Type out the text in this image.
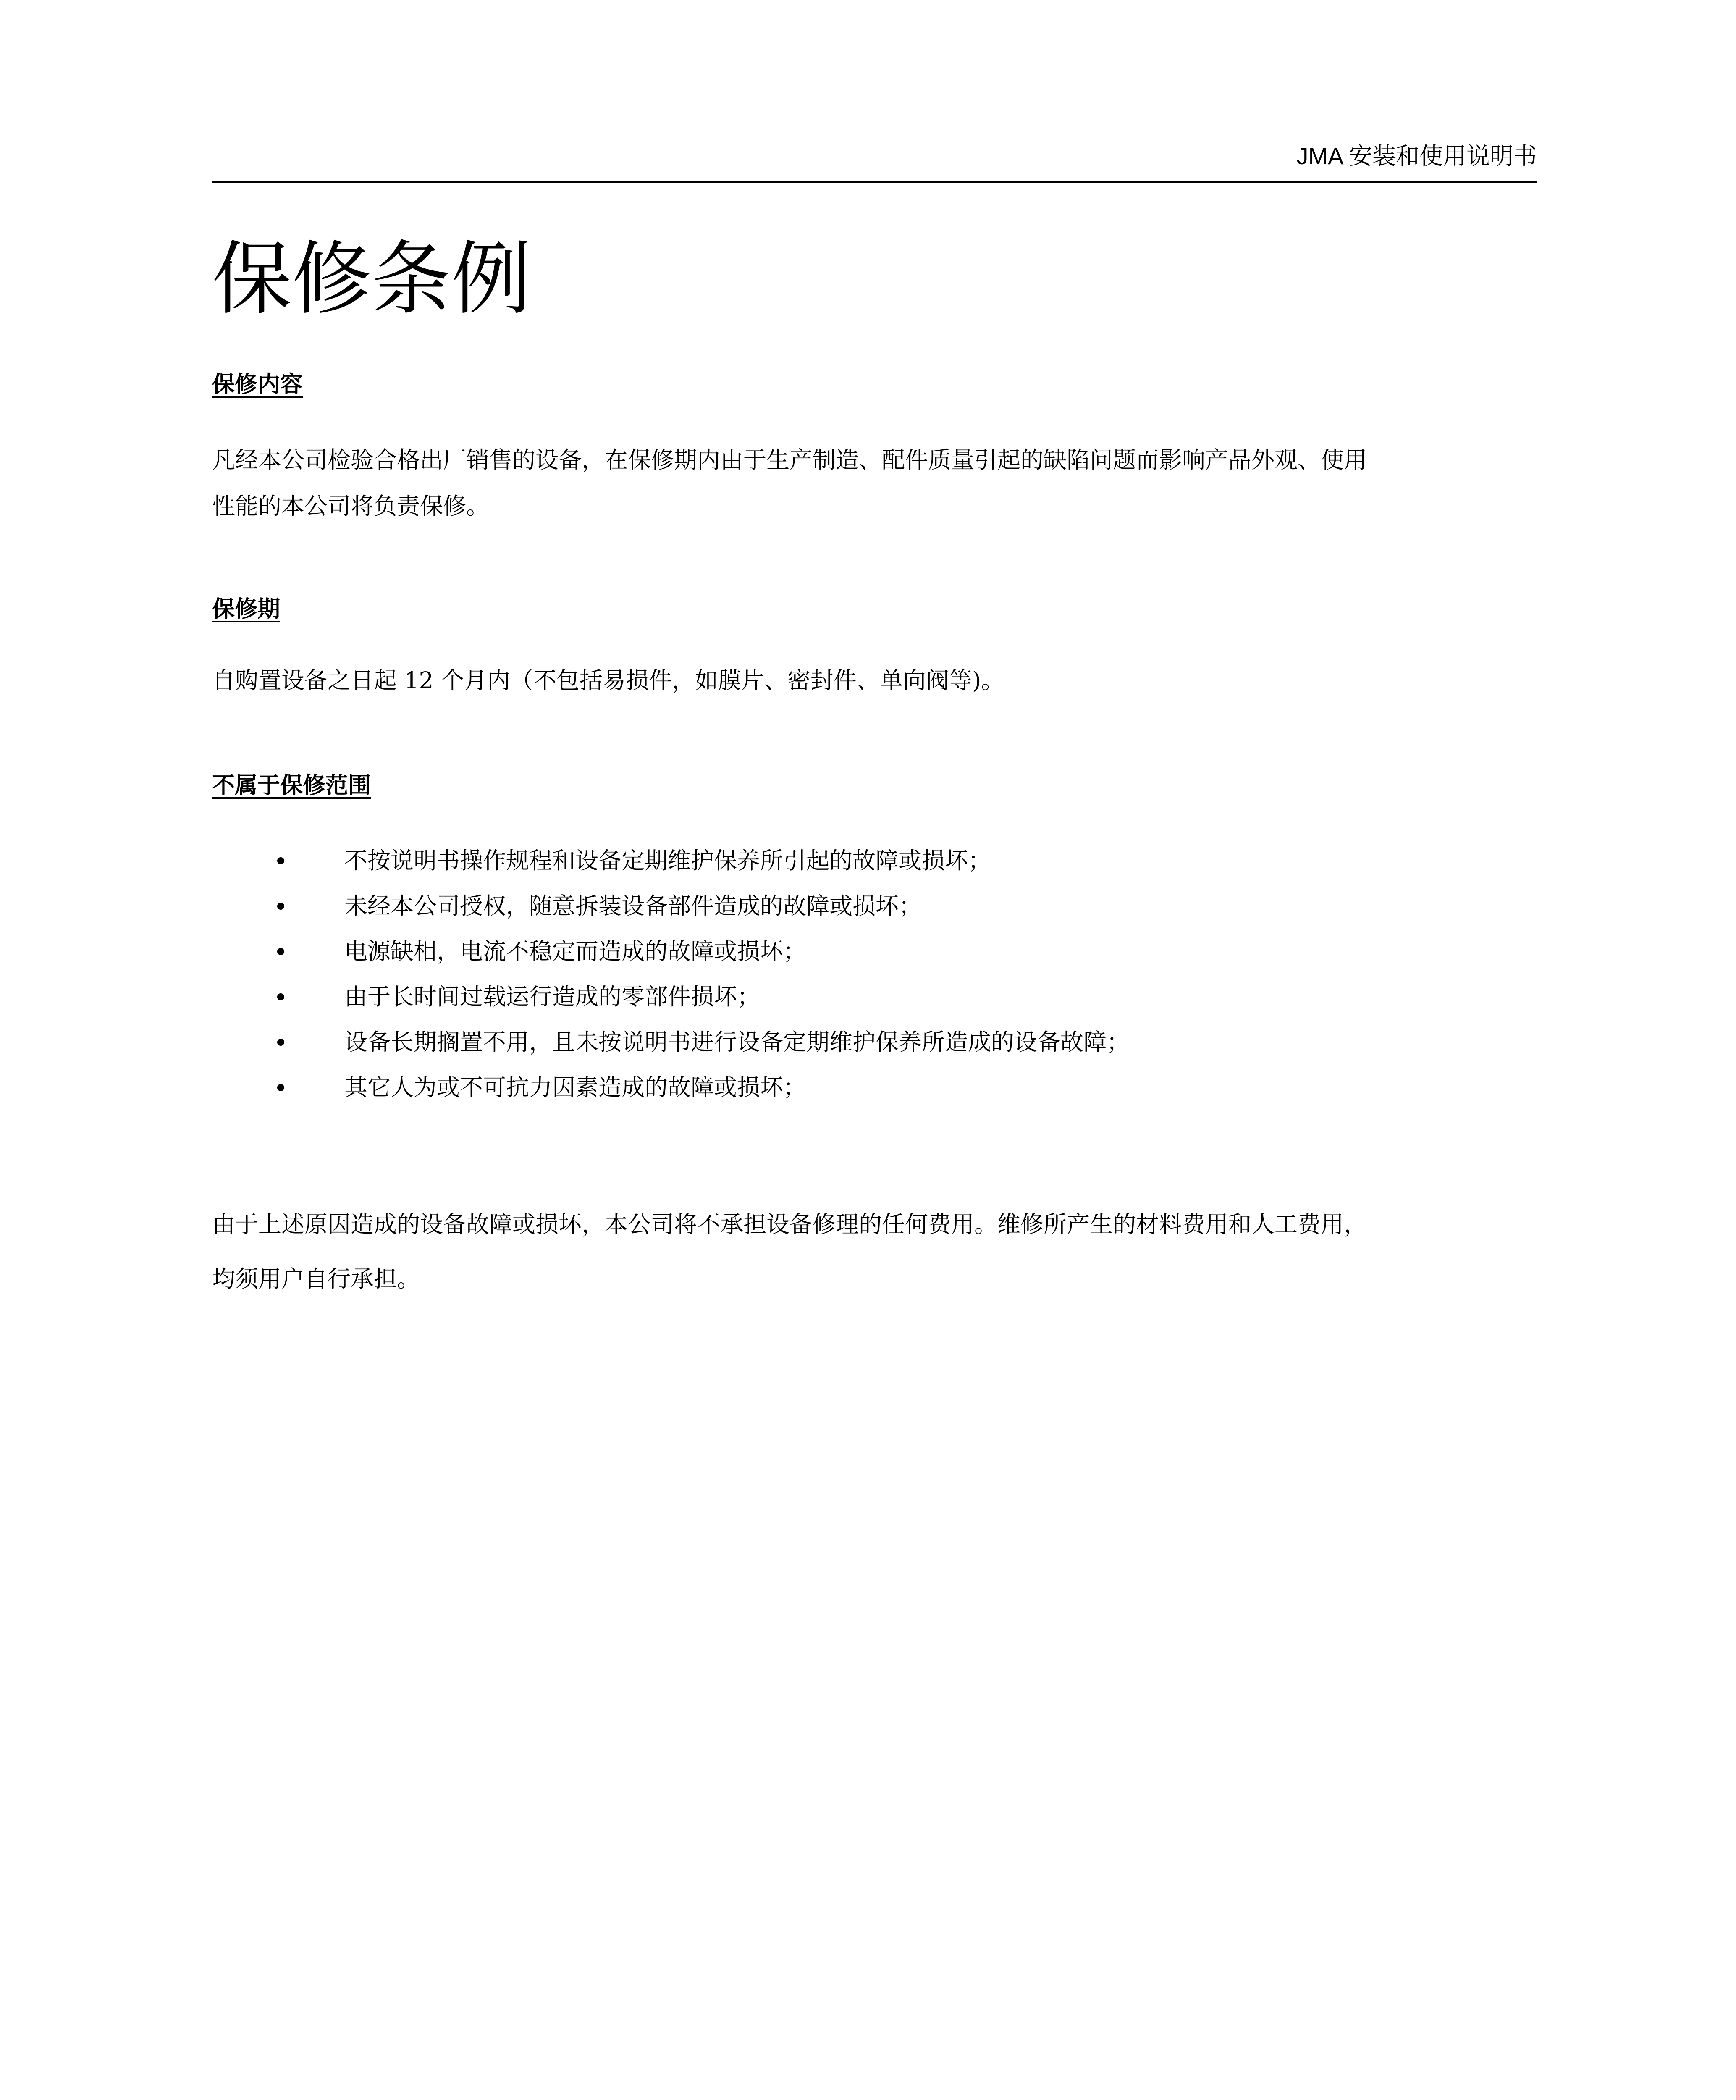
JMA 安装和使用说明书
保修条例
保修内容
凡经本公司检验合格出厂销售的设备，在保修期内由于生产制造、配件质量引起的缺陷问题而影响产品外观、使用
性能的本公司将负责保修。
保修期
自购置设备之日起 12 个月内（不包括易损件，如膜片、密封件、单向阀等)。
不属于保修范围
不按说明书操作规程和设备定期维护保养所引起的故障或损坏；
未经本公司授权，随意拆装设备部件造成的故障或损坏；
电源缺相，电流不稳定而造成的故障或损坏；
由于长时间过载运行造成的零部件损坏；
设备长期搁置不用，且未按说明书进行设备定期维护保养所造成的设备故障；
其它人为或不可抗力因素造成的故障或损坏；
由于上述原因造成的设备故障或损坏，本公司将不承担设备修理的任何费用。维修所产生的材料费用和人工费用，
均须用户自行承担。
